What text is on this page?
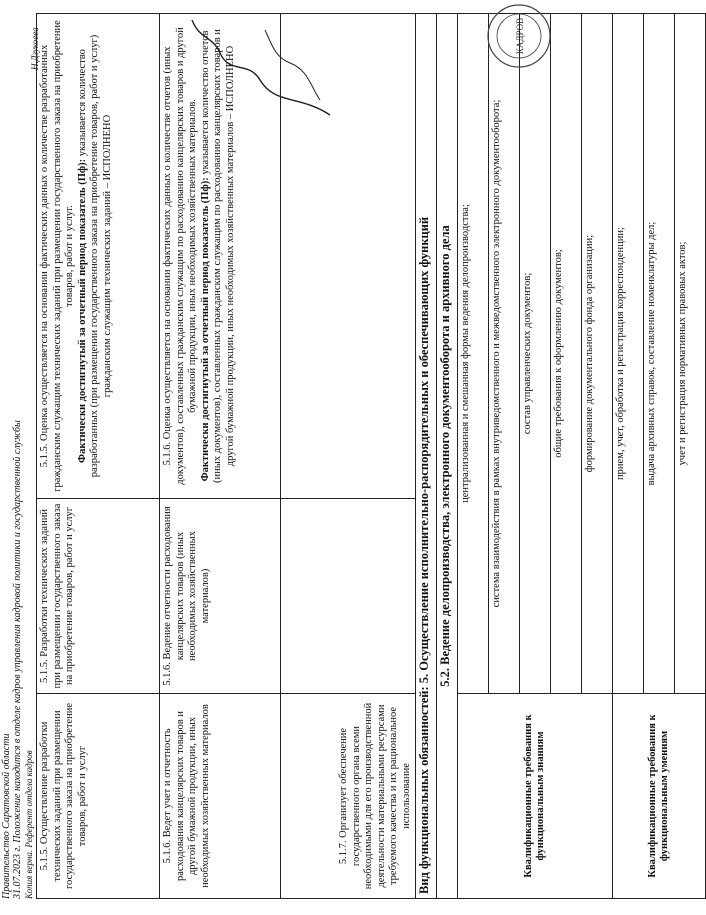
Правительство Саратовской области 31.07.2023 г. Положение находится в отделе кадров управления кадровой политики и государственной службы Копия верна. Референт отдела кадров
Н.Дзукоева
5.1.5. Осуществление разработки технических заданий при размещении государственного заказа на приобретение товаров, работ и услуг	5.1.5. Разработки технических заданий при размещении государственного заказа на приобретение товаров, работ и услуг	5.1.5. Оценка осуществляется на основании фактических данных о количестве разработанных гражданским служащим технических заданий при размещении государственного заказа на приобретение товаров, работ и услуг. Фактически достигнутый за отчетный период показатель (Пф): указывается количество разработанных (при размещении государственного заказа на приобретение товаров, работ и услуг) гражданским служащим технических заданий – ИСПОЛНЕНО

5.1.6. Ведет учет и отчетность расходования канцелярских товаров и другой бумажной продукции, иных необходимых хозяйственных материалов	5.1.6. Ведение отчетности расходования канцелярских товаров (иных необходимых хозяйственных материалов)	5.1.6. Оценка осуществляется на основании фактических данных о количестве отчетов (иных документов), составленных гражданским служащим по расходованию канцелярских товаров и другой бумажной продукции, иных необходимых хозяйственных материалов. Фактически достигнутый за отчетный период показатель (Пф): указывается количество отчетов (иных документов), составленных гражданским служащим по расходованию канцелярских товаров и другой бумажной продукции, иных необходимых хозяйственных материалов – ИСПОЛНЕНО

5.1.7. Организует обеспечение государственного органа всеми необходимыми для его производственной деятельности материальными ресурсами требуемого качества и их рациональное использование		
Вид функциональных обязанностей: 5. Осуществление исполнительно-распорядительных и обеспечивающих функций		
5.2. Ведение делопроизводства, электронного документооборота и архивного дела		
Квалификационные требования к функциональным знаниям	централизованная и смешанная формы ведения делопроизводства;	
	система взаимодействия в рамках внутриведомственного и межведомственного электронного документооборота;	
	состав управленческих документов;	
	общие требования к оформлению документов;	
	формирование документального фонда организации;	
Квалификационные требования к функциональным умениям	прием, учет, обработка и регистрация корреспонденции;	
	выдача архивных справок, составление номенклатуры дел;	
	учет и регистрация нормативных правовых актов;	
КАДРОВ
